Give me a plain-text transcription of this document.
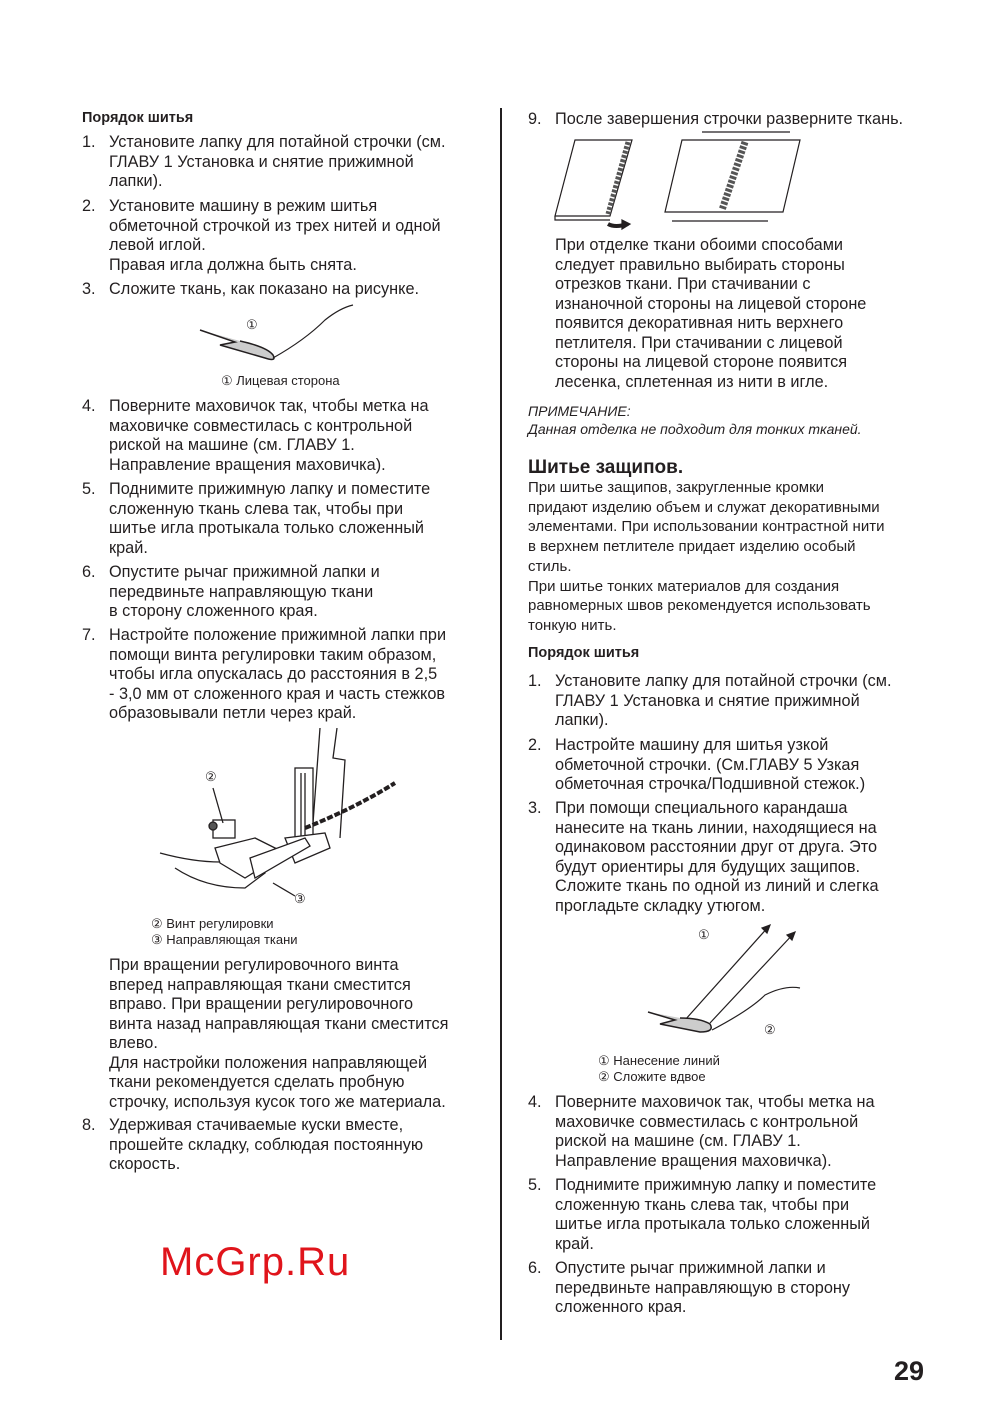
Порядок шитья
1. Установите лапку для потайной строчки (см.
ГЛАВУ 1 Установка и снятие прижимной
лапки).
2. Установите машину в режим шитья
обметочной строчкой из трех нитей и одной
левой иглой.
Правая игла должна быть снята.
3. Сложите ткань, как показано на рисунке.
①
① Лицевая сторона
4. Поверните маховичок так, чтобы метка на
маховичке совместилась с контрольной
риской на машине (см. ГЛАВУ 1.
Направление вращения маховичка).
5. Поднимите прижимную лапку и поместите
сложенную ткань слева так, чтобы при
шитье игла протыкала только сложенный
край.
6. Опустите рычаг прижимной лапки и
передвиньте направляющую ткани
в сторону сложенного края.
7. Настройте положение прижимной лапки при
помощи винта регулировки таким образом,
чтобы игла опускалась до расстояния в 2,5
- 3,0 мм от сложенного края и часть стежков
образовывали петли через край.
②
③
② Винт регулировки
③ Направляющая ткани
При вращении регулировочного винта
вперед направляющая ткани сместится
вправо. При вращении регулировочного
винта назад направляющая ткани сместится
влево.
Для настройки положения направляющей
ткани рекомендуется сделать пробную
строчку, используя кусок того же материала.
8. Удерживая стачиваемые куски вместе,
прошейте складку, соблюдая постоянную
скорость.
9. После завершения строчки разверните ткань.
При отделке ткани обоими способами
следует правильно выбирать стороны
отрезков ткани. При стачивании с
изнаночной стороны на лицевой стороне
появится декоративная нить верхнего
петлителя. При стачивании с лицевой
стороны на лицевой стороне появится
лесенка, сплетенная из нити в игле.
ПРИМЕЧАНИЕ:
Данная отделка не подходит для тонких тканей.
Шитье защипов.
При шитье защипов, закругленные кромки
придают изделию объем и служат декоративными
элементами. При использовании контрастной нити
в верхнем петлителе придает изделию особый
стиль.
При шитье тонких материалов для создания
равномерных швов рекомендуется использовать
тонкую нить.
Порядок шитья
1. Установите лапку для потайной строчки (см.
ГЛАВУ 1 Установка и снятие прижимной
лапки).
2. Настройте машину для шитья узкой
обметочной строчки. (См.ГЛАВУ 5 Узкая
обметочная строчка/Подшивной стежок.)
3. При помощи специального карандаша
нанесите на ткань линии, находящиеся на
одинаковом расстоянии друг от друга. Это
будут ориентиры для будущих защипов.
Сложите ткань по одной из линий и слегка
прогладьте складку утюгом.
①
②
① Нанесение линий
② Сложите вдвое
4. Поверните маховичок так, чтобы метка на
маховичке совместилась с контрольной
риской на машине (см. ГЛАВУ 1.
Направление вращения маховичка).
5. Поднимите прижимную лапку и поместите
сложенную ткань слева так, чтобы при
шитье игла протыкала только сложенный
край.
6. Опустите рычаг прижимной лапки и
передвиньте направляющую в сторону
сложенного края.
29
McGrp.Ru
